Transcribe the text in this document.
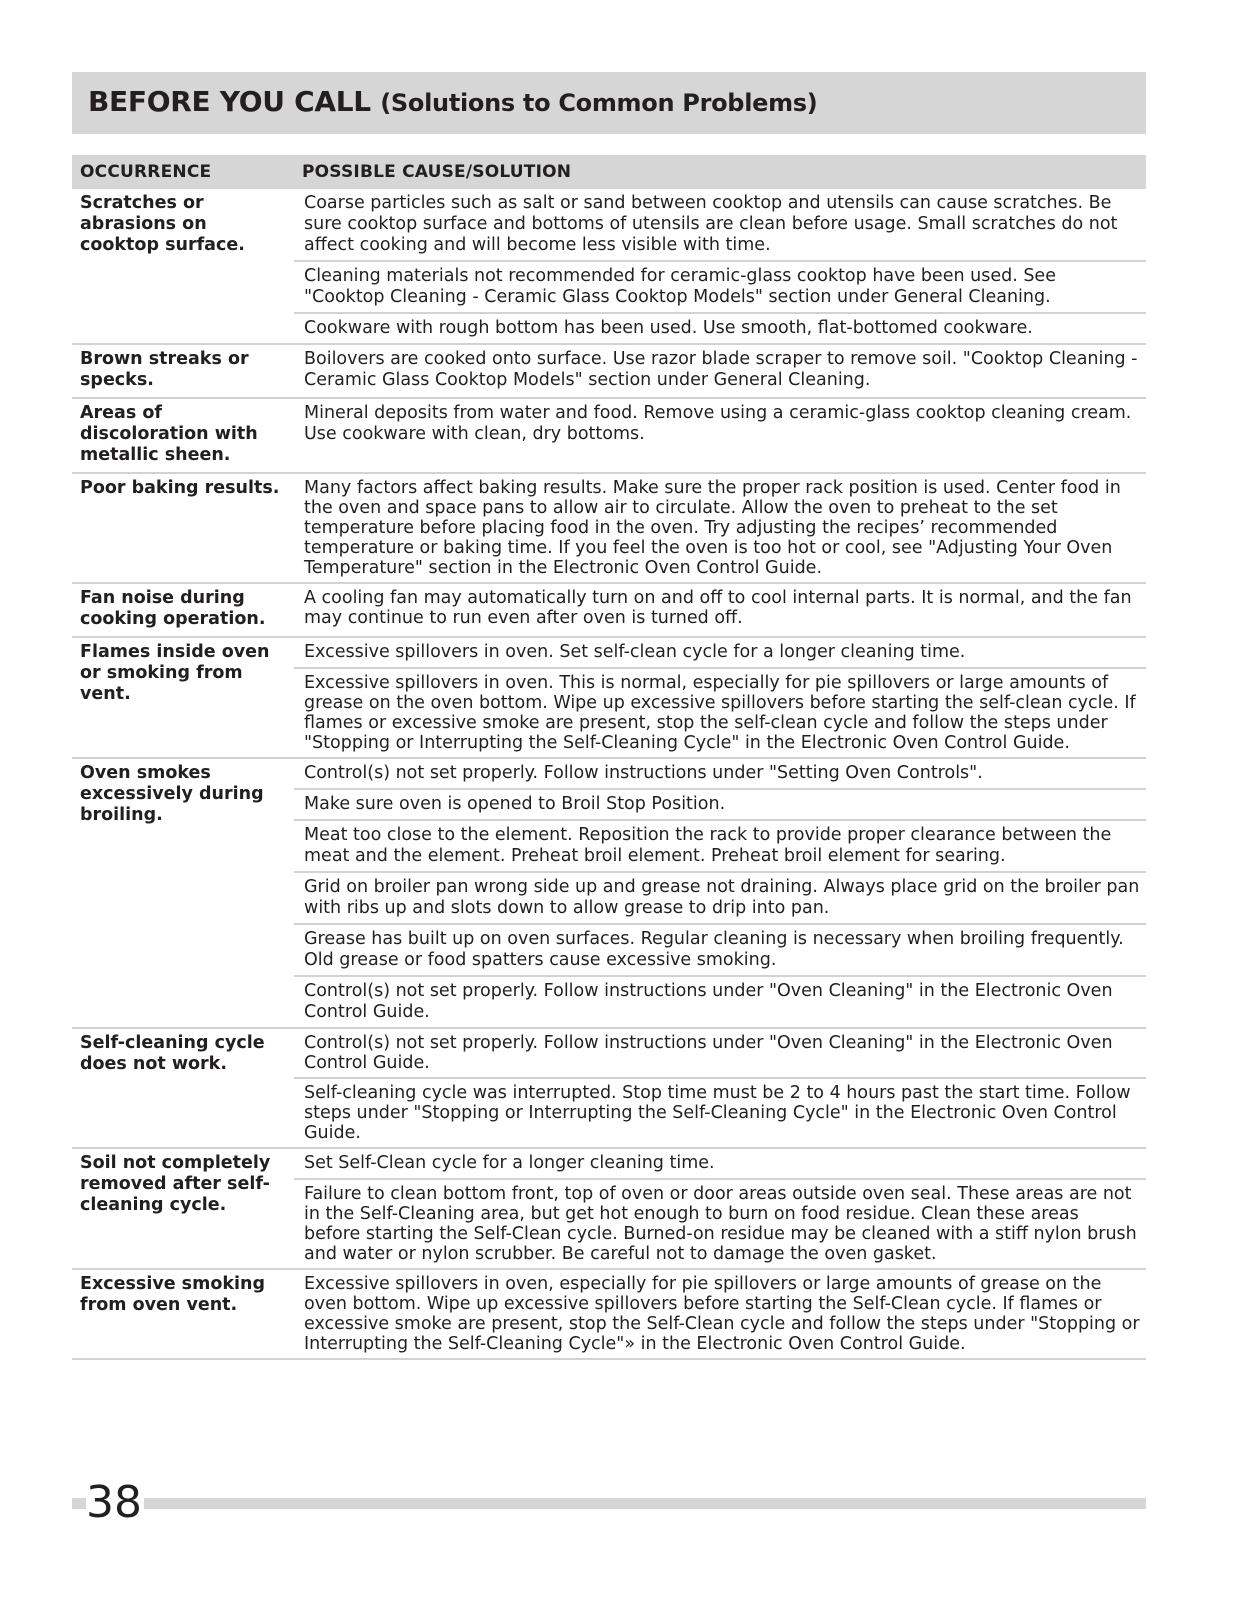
BEFORE YOU CALL (Solutions to Common Problems)
OCCURRENCE	POSSIBLE CAUSE/SOLUTION
Scratches or abrasions on cooktop surface.	Coarse particles such as salt or sand between cooktop and utensils can cause scratches. Be sure cooktop surface and bottoms of utensils are clean before usage. Small scratches do not affect cooking and will become less visible with time.
	Cleaning materials not recommended for ceramic-glass cooktop have been used. See "Cooktop Cleaning - Ceramic Glass Cooktop Models" section under General Cleaning.
	Cookware with rough bottom has been used. Use smooth, flat-bottomed cookware.
Brown streaks or specks.	Boilovers are cooked onto surface. Use razor blade scraper to remove soil. "Cooktop Cleaning - Ceramic Glass Cooktop Models" section under General Cleaning.
Areas of discoloration with metallic sheen.	Mineral deposits from water and food. Remove using a ceramic-glass cooktop cleaning cream. Use cookware with clean, dry bottoms.
Poor baking results.	Many factors affect baking results. Make sure the proper rack position is used. Center food in the oven and space pans to allow air to circulate. Allow the oven to preheat to the set temperature before placing food in the oven. Try adjusting the recipes’ recommended temperature or baking time. If you feel the oven is too hot or cool, see "Adjusting Your Oven Temperature" section in the Electronic Oven Control Guide.
Fan noise during cooking operation.	A cooling fan may automatically turn on and off to cool internal parts. It is normal, and the fan may continue to run even after oven is turned off.
Flames inside oven or smoking from vent.	Excessive spillovers in oven. Set self-clean cycle for a longer cleaning time.
	Excessive spillovers in oven. This is normal, especially for pie spillovers or large amounts of grease on the oven bottom. Wipe up excessive spillovers before starting the self-clean cycle. If flames or excessive smoke are present, stop the self-clean cycle and follow the steps under "Stopping or Interrupting the Self-Cleaning Cycle" in the Electronic Oven Control Guide.
Oven smokes excessively during broiling.	Control(s) not set properly. Follow instructions under "Setting Oven Controls".
	Make sure oven is opened to Broil Stop Position.
	Meat too close to the element. Reposition the rack to provide proper clearance between the meat and the element. Preheat broil element. Preheat broil element for searing.
	Grid on broiler pan wrong side up and grease not draining. Always place grid on the broiler pan with ribs up and slots down to allow grease to drip into pan.
	Grease has built up on oven surfaces. Regular cleaning is necessary when broiling frequently. Old grease or food spatters cause excessive smoking.
	Control(s) not set properly. Follow instructions under "Oven Cleaning" in the Electronic Oven Control Guide.
Self-cleaning cycle does not work.	Control(s) not set properly. Follow instructions under "Oven Cleaning" in the Electronic Oven Control Guide.
	Self-cleaning cycle was interrupted. Stop time must be 2 to 4 hours past the start time. Follow steps under "Stopping or Interrupting the Self-Cleaning Cycle" in the Electronic Oven Control Guide.
Soil not completely removed after self-cleaning cycle.	Set Self-Clean cycle for a longer cleaning time.
	Failure to clean bottom front, top of oven or door areas outside oven seal. These areas are not in the Self-Cleaning area, but get hot enough to burn on food residue. Clean these areas before starting the Self-Clean cycle. Burned-on residue may be cleaned with a stiff nylon brush and water or nylon scrubber. Be careful not to damage the oven gasket.
Excessive smoking from oven vent.	Excessive spillovers in oven, especially for pie spillovers or large amounts of grease on the oven bottom. Wipe up excessive spillovers before starting the Self-Clean cycle. If flames or excessive smoke are present, stop the Self-Clean cycle and follow the steps under "Stopping or Interrupting the Self-Cleaning Cycle"» in the Electronic Oven Control Guide.
38
